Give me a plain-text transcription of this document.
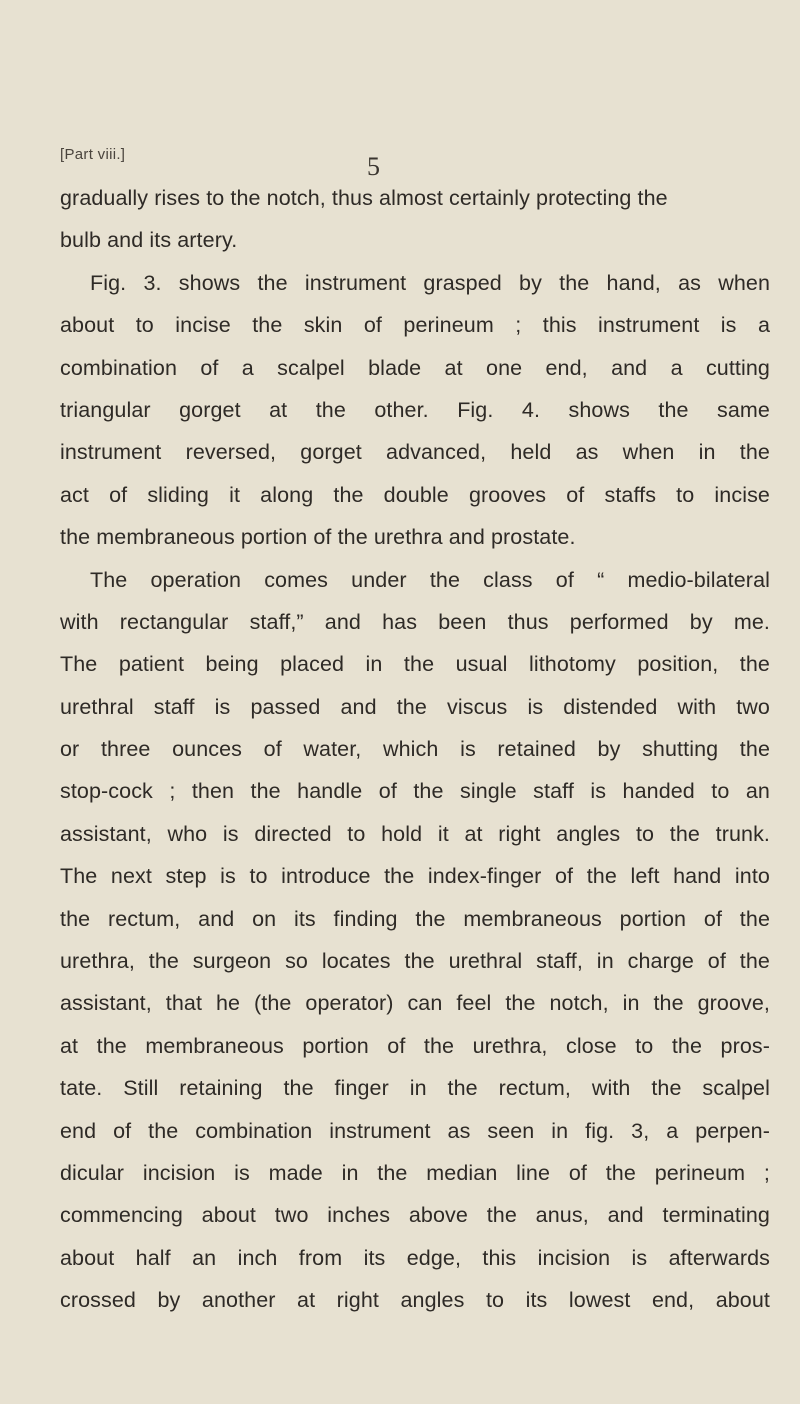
[Part viii.]	5
gradually rises to the notch, thus almost certainly protecting the
bulb and its artery.
Fig. 3. shows the instrument grasped by the hand, as when
about to incise the skin of perineum ; this instrument is a
combination of a scalpel blade at one end, and a cutting
triangular gorget at the other. Fig. 4. shows the same
instrument reversed, gorget advanced, held as when in the
act of sliding it along the double grooves of staffs to incise
the membraneous portion of the urethra and prostate.
The operation comes under the class of “ medio-bilateral
with rectangular staff,” and has been thus performed by me.
The patient being placed in the usual lithotomy position, the
urethral staff is passed and the viscus is distended with two
or three ounces of water, which is retained by shutting the
stop-cock ; then the handle of the single staff is handed to an
assistant, who is directed to hold it at right angles to the trunk.
The next step is to introduce the index-finger of the left hand into
the rectum, and on its finding the membraneous portion of the
urethra, the surgeon so locates the urethral staff, in charge of the
assistant, that he (the operator) can feel the notch, in the groove,
at the membraneous portion of the urethra, close to the pros-
tate. Still retaining the finger in the rectum, with the scalpel
end of the combination instrument as seen in fig. 3, a perpen-
dicular incision is made in the median line of the perineum ;
commencing about two inches above the anus, and terminating
about half an inch from its edge, this incision is afterwards
crossed by another at right angles to its lowest end, about
